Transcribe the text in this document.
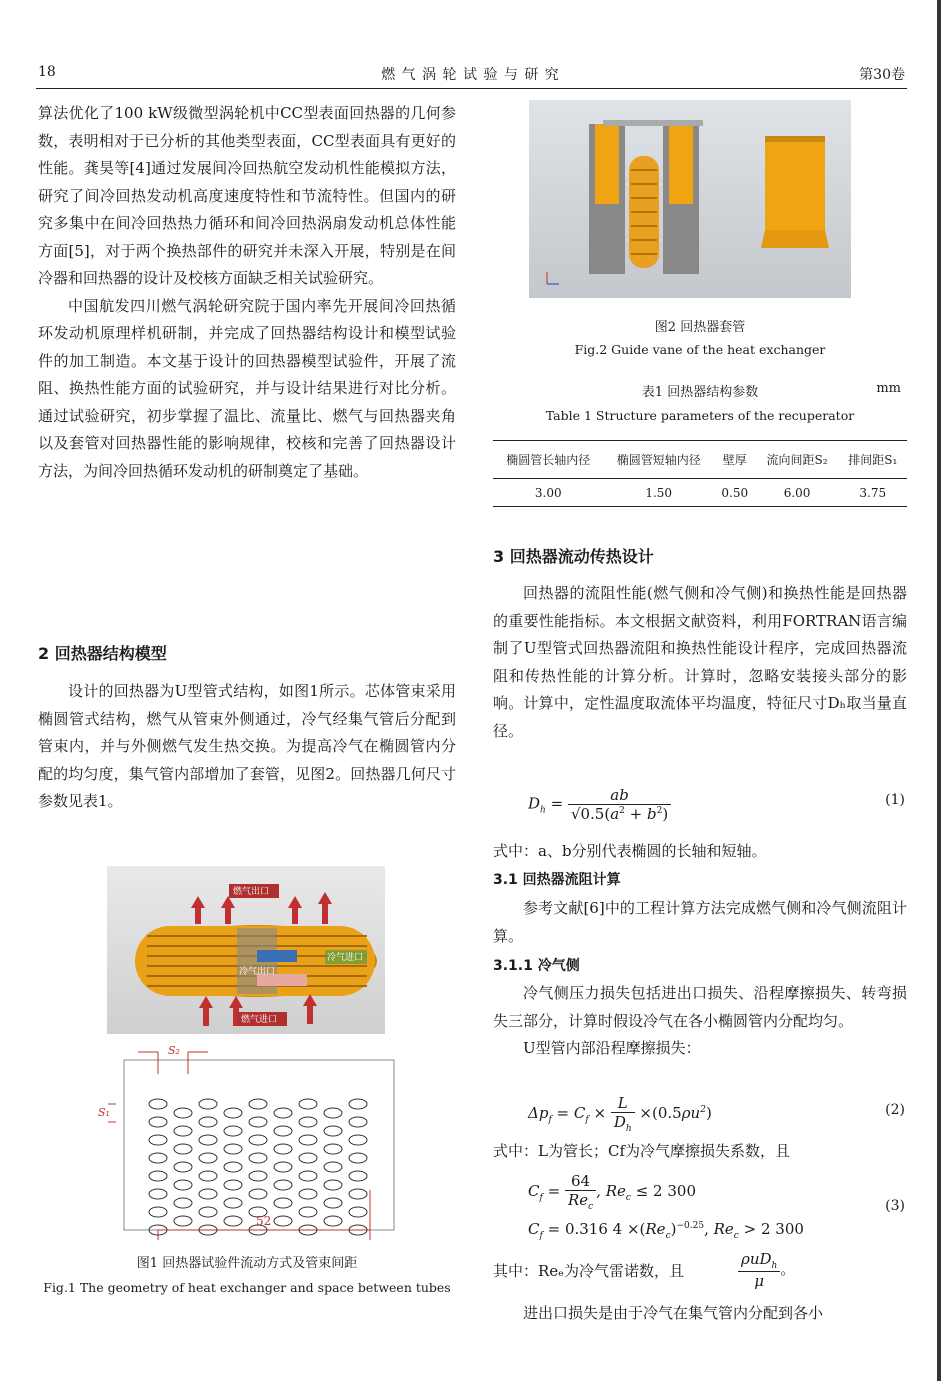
18	燃 气 涡 轮 试 验 与 研 究	第30卷

算法优化了100 kW级微型涡轮机中CC型表面回热器的几何参数，表明相对于已分析的其他类型表面，CC型表面具有更好的性能。龚昊等[4]通过发展间冷回热航空发动机性能模拟方法，研究了间冷回热发动机高度速度特性和节流特性。但国内的研究多集中在间冷回热热力循环和间冷回热涡扇发动机总体性能方面[5]，对于两个换热部件的研究并未深入开展，特别是在间冷器和回热器的设计及校核方面缺乏相关试验研究。

中国航发四川燃气涡轮研究院于国内率先开展间冷回热循环发动机原理样机研制，并完成了回热器结构设计和模型试验件的加工制造。本文基于设计的回热器模型试验件，开展了流阻、换热性能方面的试验研究，并与设计结果进行对比分析。通过试验研究，初步掌握了温比、流量比、燃气与回热器夹角以及套管对回热器性能的影响规律，校核和完善了回热器设计方法，为间冷回热循环发动机的研制奠定了基础。

2 回热器结构模型

设计的回热器为U型管式结构，如图1所示。芯体管束采用椭圆管式结构，燃气从管束外侧通过，冷气经集气管后分配到管束内，并与外侧燃气发生热交换。为提高冷气在椭圆管内分配的均匀度，集气管内部增加了套管，见图2。回热器几何尺寸参数见表1。

燃气出口
燃气进口
冷气进口
冷气出口
S₂
S₁
52
图1 回热器试验件流动方式及管束间距
Fig.1 The geometry of heat exchanger and space between tubes
图2 回热器套管
Fig.2 Guide vane of the heat exchanger
表1 回热器结构参数	mm
Table 1 Structure parameters of the recuperator
椭圆管长轴内径	椭圆管短轴内径	壁厚	流向间距S₂	排间距S₁
3.00	1.50	0.50	6.00	3.75
3 回热器流动传热设计

回热器的流阻性能(燃气侧和冷气侧)和换热性能是回热器的重要性能指标。本文根据文献资料，利用FORTRAN语言编制了U型管式回热器流阻和换热性能设计程序，完成回热器流阻和传热性能的计算分析。计算时，忽略安装接头部分的影响。计算中，定性温度取流体平均温度，特征尺寸Dₕ取当量直径。

$D_h = \frac{ab}{√0.5(a^2 + b^2)}$	(1)

式中：a、b分别代表椭圆的长轴和短轴。

3.1 回热器流阻计算

参考文献[6]中的工程计算方法完成燃气侧和冷气侧流阻计算。

3.1.1 冷气侧

冷气侧压力损失包括进出口损失、沿程摩擦损失、转弯损失三部分，计算时假设冷气在各小椭圆管内分配均匀。

U型管内部沿程摩擦损失：

$\Delta p_f = C_f \times \frac{L}{D_h} \times(0.5\rho u^2)$	(2)

式中：L为管长；Cf为冷气摩擦损失系数，且

$C_f = \frac{64}{Re_c}$ , $Re_c \le 2$ 300
$C_f = 0.316$ $4 \times(Re_c)^{-0.25}$, $Re_c > 2$ 300
(3)

其中：Reₑ为冷气雷诺数，且	$\frac{\rho uD_h}{\mu}$ 。

进出口损失是由于冷气在集气管内分配到各小
